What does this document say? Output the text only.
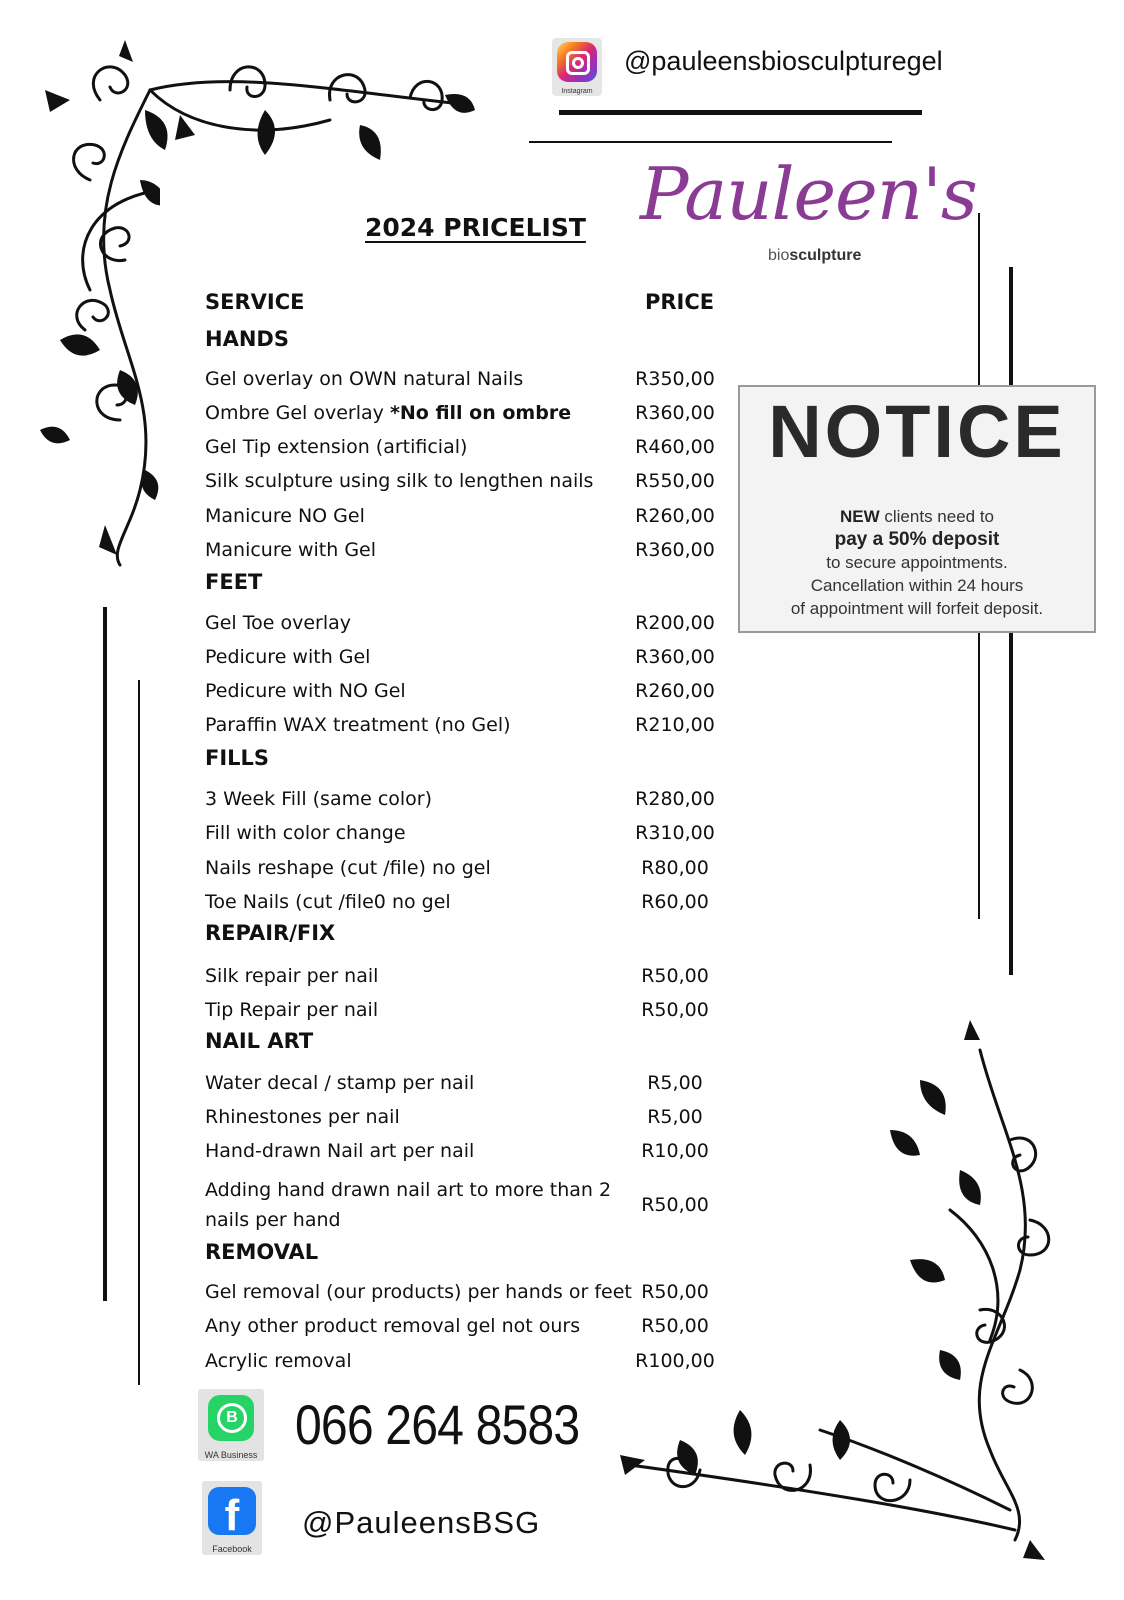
Instagram
@pauleensbiosculpturegel
Pauleen's
biosculpture
2024 PRICELIST
SERVICE	PRICE
HANDS
FEET
FILLS
REPAIR/FIX
NAIL ART
REMOVAL
Gel overlay on OWN natural Nails	R350,00
Ombre Gel overlay *No fill on ombre	R360,00
Gel Tip extension (artificial)	R460,00
Silk sculpture using silk to lengthen nails	R550,00
Manicure NO Gel	R260,00
Manicure with Gel	R360,00
Gel Toe overlay	R200,00
Pedicure with Gel	R360,00
Pedicure with NO Gel	R260,00
Paraffin WAX treatment (no Gel)	R210,00
3 Week Fill (same color)	R280,00
Fill with color change	R310,00
Nails reshape (cut /file) no gel	R80,00
Toe Nails (cut /file0 no gel	R60,00
Silk repair per nail	R50,00
Tip Repair per nail	R50,00
Water decal / stamp per nail	R5,00
Rhinestones per nail	R5,00
Hand-drawn Nail art per nail	R10,00
Adding hand drawn nail art to more than 2
nails per hand
R50,00
Gel removal (our products) per hands or feet R50,00
Any other product removal gel not ours	R50,00
Acrylic removal	R100,00
NOTICE
NEW clients need to
pay a 50% deposit
to secure appointments.
Cancellation within 24 hours
of appointment will forfeit deposit.
B
WA Business 066 264 8583
f
Facebook
@PauleensBSG
